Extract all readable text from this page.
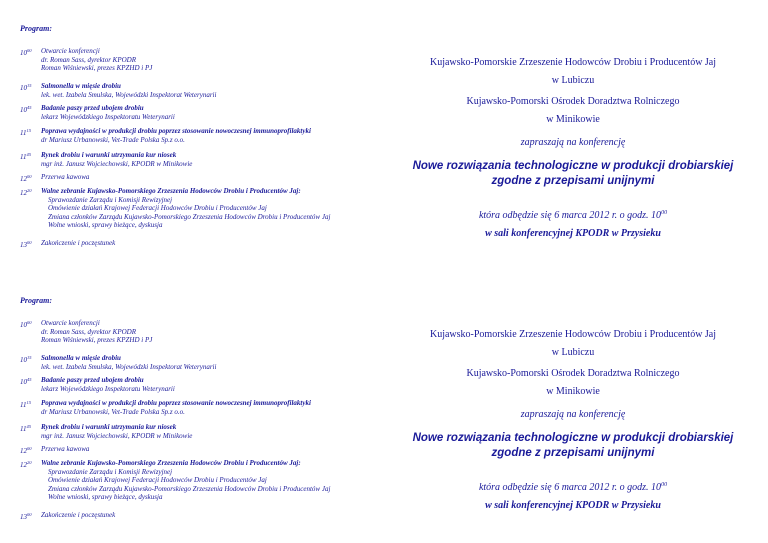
Program:
$10^{00}$	Otwarcie konferencji
dr. Roman Sass, dyrektor KPODR
Roman Wiśniewski, prezes KPZHD i PJ
$10^{15}$	Salmonella w mięsie drobiu
lek. wet. Izabela Smulska, Wojewódzki Inspektorat Weterynarii
$10^{45}$	Badanie paszy przed ubojem drobiu
lekarz Wojewódzkiego Inspektoratu Weterynarii
$11^{15}$	Poprawa wydajności w produkcji drobiu poprzez stosowanie nowoczesnej immunoprofilaktyki
dr Mariusz Urbanowski, Vet-Trade Polska Sp.z o.o.
$11^{45}$	Rynek drobiu i warunki utrzymania kur niosek
mgr inż. Janusz Wojciechowski, KPODR w Minikowie
$12^{00}$	Przerwa kawowa
$12^{20}$	Walne zebranie Kujawsko-Pomorskiego Zrzeszenia Hodowców Drobiu i Producentów Jaj:
Sprawozdanie Zarządu i Komisji Rewizyjnej
Omówienie działań Krajowej Federacji Hodowców Drobiu i Producentów Jaj
Zmiana członków Zarządu Kujawsko-Pomorskiego Zrzeszenia Hodowców Drobiu i Producentów Jaj
Wolne wnioski, sprawy bieżące, dyskusja
$13^{00}$	Zakończenie i poczęstunek
Kujawsko-Pomorskie Zrzeszenie Hodowców Drobiu i Producentów Jaj
w Lubiczu
Kujawsko-Pomorski Ośrodek Doradztwa Rolniczego
w Minikowie
zapraszają na konferencję
Nowe rozwiązania technologiczne w produkcji drobiarskiej
zgodne z przepisami unijnymi
która odbędzie się 6 marca 2012 r. o godz. $10^{00}$
w sali konferencyjnej KPODR w Przysieku
Program:
$10^{00}$	Otwarcie konferencji
dr. Roman Sass, dyrektor KPODR
Roman Wiśniewski, prezes KPZHD i PJ
$10^{15}$	Salmonella w mięsie drobiu
lek. wet. Izabela Smulska, Wojewódzki Inspektorat Weterynarii
$10^{45}$	Badanie paszy przed ubojem drobiu
lekarz Wojewódzkiego Inspektoratu Weterynarii
$11^{15}$	Poprawa wydajności w produkcji drobiu poprzez stosowanie nowoczesnej immunoprofilaktyki
dr Mariusz Urbanowski, Vet-Trade Polska Sp.z o.o.
$11^{45}$	Rynek drobiu i warunki utrzymania kur niosek
mgr inż. Janusz Wojciechowski, KPODR w Minikowie
$12^{00}$	Przerwa kawowa
$12^{20}$	Walne zebranie Kujawsko-Pomorskiego Zrzeszenia Hodowców Drobiu i Producentów Jaj:
Sprawozdanie Zarządu i Komisji Rewizyjnej
Omówienie działań Krajowej Federacji Hodowców Drobiu i Producentów Jaj
Zmiana członków Zarządu Kujawsko-Pomorskiego Zrzeszenia Hodowców Drobiu i Producentów Jaj
Wolne wnioski, sprawy bieżące, dyskusja
$13^{00}$	Zakończenie i poczęstunek
Kujawsko-Pomorskie Zrzeszenie Hodowców Drobiu i Producentów Jaj
w Lubiczu
Kujawsko-Pomorski Ośrodek Doradztwa Rolniczego
w Minikowie
zapraszają na konferencję
Nowe rozwiązania technologiczne w produkcji drobiarskiej
zgodne z przepisami unijnymi
która odbędzie się 6 marca 2012 r. o godz. $10^{00}$
w sali konferencyjnej KPODR w Przysieku
